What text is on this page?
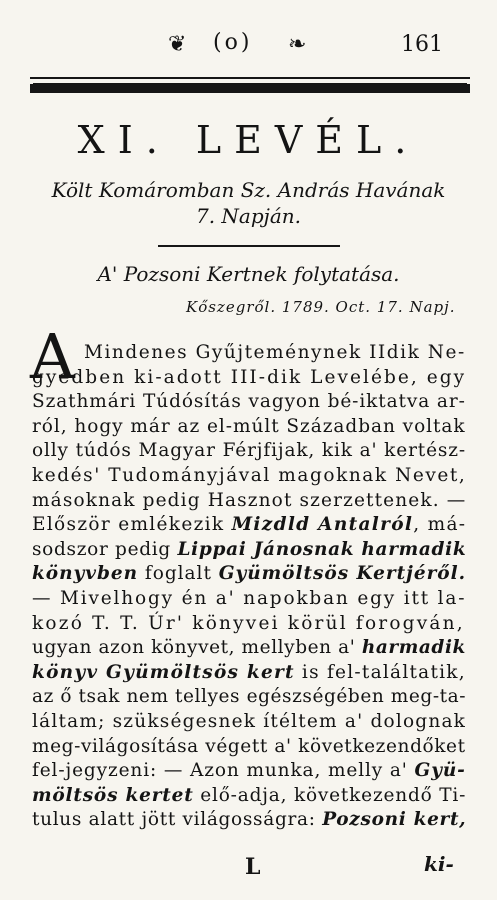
❦ (o) ❧	161
XI. LEVÉL.
Költ Komáromban Sz. András Havának
7. Napján.
A' Pozsoni Kertnek folytatása.
Kőszegről. 1789. Oct. 17. Napj.
A Mindenes Gyűjteménynek IIdik Ne-
gyedben ki-adott III-dik Levelébe, egy
Szathmári Túdósítás vagyon bé-iktatva ar-
ról, hogy már az el-múlt Században voltak
olly túdós Magyar Férjfijak, kik a' kertész-
kedés' Tudományjával magoknak Nevet,
másoknak pedig Hasznot szerzettenek. —
Először emlékezik Mizdld Antalról, má-
sodszor pedig Lippai Jánosnak harmadik
könyvben foglalt Gyümöltsös Kertjéről.
— Mivelhogy én a' napokban egy itt la-
kozó T. T. Úr' könyvei körül forogván,
ugyan azon könyvet, mellyben a' harmadik
könyv Gyümöltsös kert is fel-találtatik,
az ő tsak nem tellyes egészségében meg-ta-
láltam; szükségesnek ítéltem a' dolognak
meg-világosítása végett a' következendőket
fel-jegyzeni: — Azon munka, melly a' Gyü-
möltsös kertet elő-adja, következendő Ti-
tulus alatt jött világosságra: Pozsoni kert,
L	ki-
